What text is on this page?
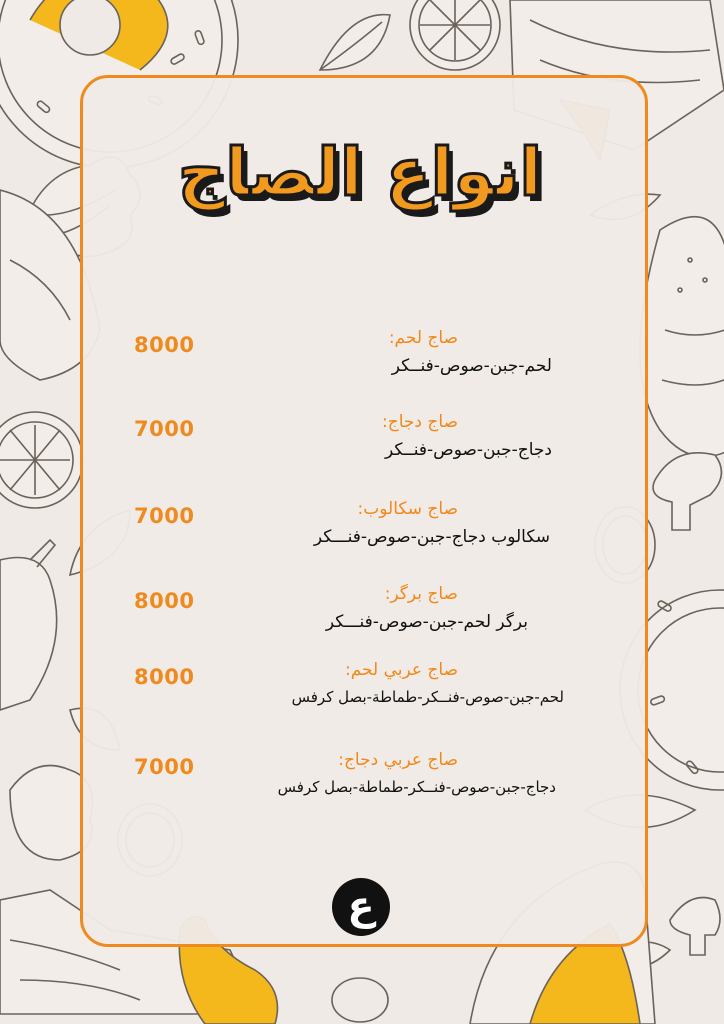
انواع الصاج
صاج لحم:
لحم-جبن-صوص-فنــكر
8000
صاج دجاج:
دجاج-جبن-صوص-فنــكر
7000
صاج سكالوب:
سكالوب دجاج-جبن-صوص-فنـــكر
7000
صاج برگر:
برگر لحم-جبن-صوص-فنـــكر
8000
صاج عربي لحم:
لحم-جبن-صوص-فنــكر-طماطة-بصل كرفس
8000
صاج عربي دجاج:
دجاج-جبن-صوص-فنــكر-طماطة-بصل كرفس
7000
ع
